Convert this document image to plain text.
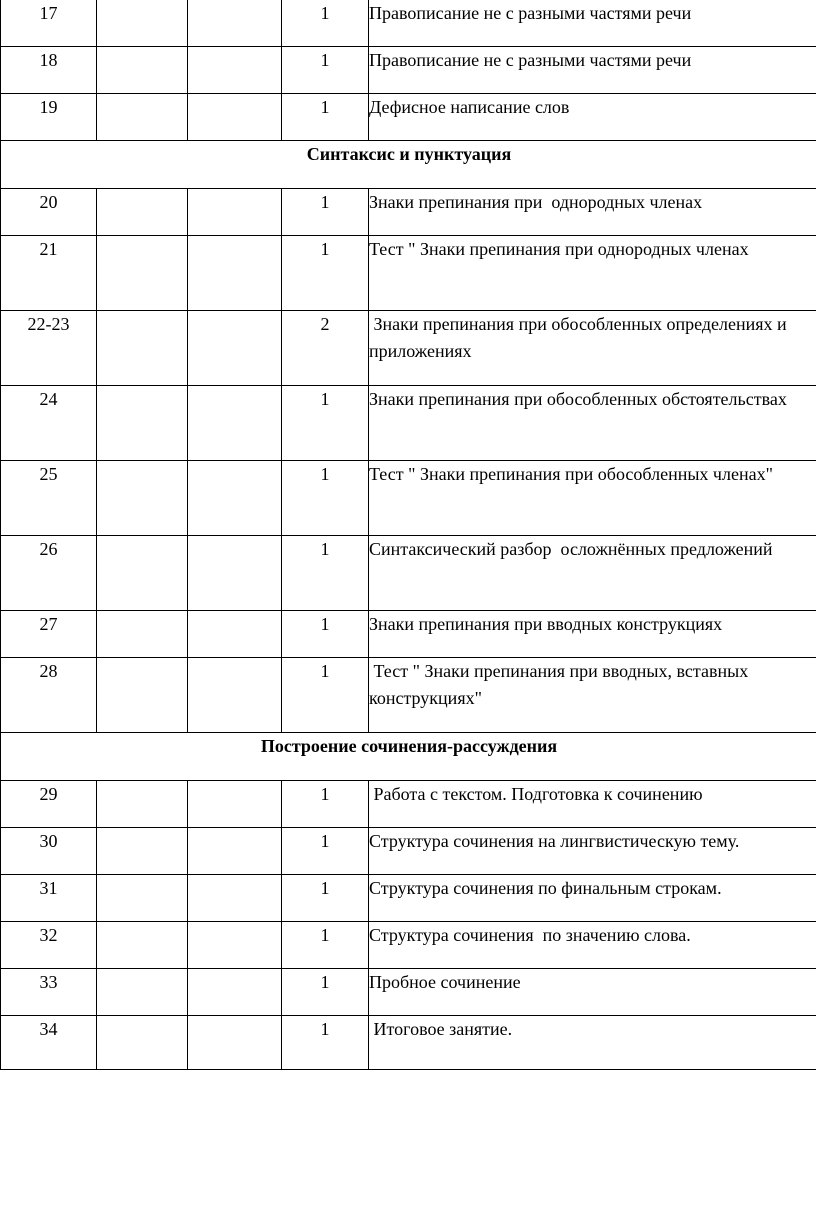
17			1	Правописание не с разными частями речи
18			1	Правописание не с разными частями речи
19			1	Дефисное написание слов
Синтаксис и пунктуация				
20			1	Знаки препинания при  однородных членах
21			1	Тест " Знаки препинания при однородных членах
22-23			2	Знаки препинания при обособленных определениях и приложениях
24			1	Знаки препинания при обособленных обстоятельствах
25			1	Тест " Знаки препинания при обособленных членах"
26			1	Синтаксический разбор  осложнённых предложений
27			1	Знаки препинания при вводных конструкциях
28			1	Тест " Знаки препинания при вводных, вставных конструкциях"
Построение сочинения-рассуждения				
29			1	Работа с текстом. Подготовка к сочинению
30			1	Структура сочинения на лингвистическую тему.
31			1	Структура сочинения по финальным строкам.
32			1	Структура сочинения  по значению слова.
33			1	Пробное сочинение
34			1	Итоговое занятие.
